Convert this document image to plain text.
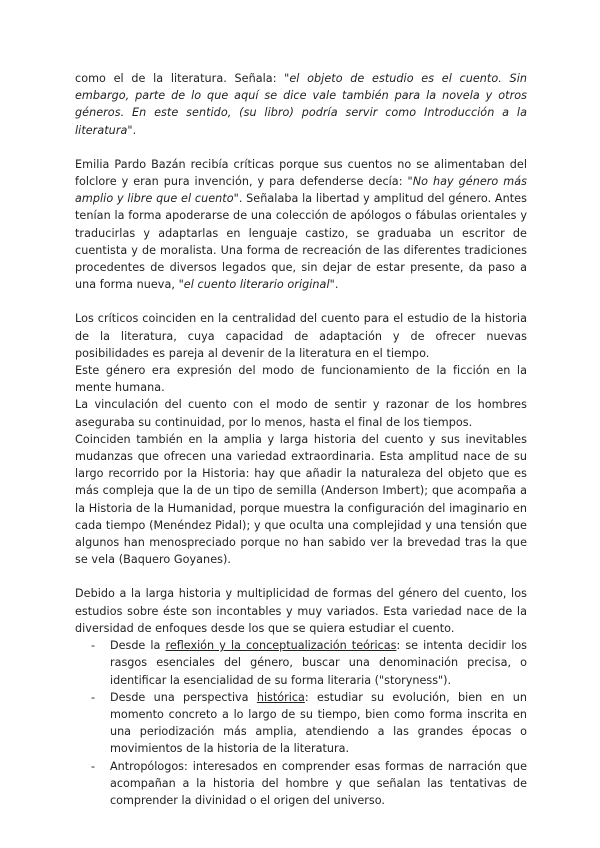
como el de la literatura. Señala: "el objeto de estudio es el cuento. Sin embargo, parte de lo que aquí se dice vale también para la novela y otros géneros. En este sentido, (su libro) podría servir como Introducción a la literatura".

Emilia Pardo Bazán recibía críticas porque sus cuentos no se alimentaban del folclore y eran pura invención, y para defenderse decía: "No hay género más amplio y libre que el cuento". Señalaba la libertad y amplitud del género. Antes tenían la forma apoderarse de una colección de apólogos o fábulas orientales y traducirlas y adaptarlas en lenguaje castizo, se graduaba un escritor de cuentista y de moralista. Una forma de recreación de las diferentes tradiciones procedentes de diversos legados que, sin dejar de estar presente, da paso a una forma nueva, "el cuento literario original".

Los críticos coinciden en la centralidad del cuento para el estudio de la historia de la literatura, cuya capacidad de adaptación y de ofrecer nuevas posibilidades es pareja al devenir de la literatura en el tiempo.

Este género era expresión del modo de funcionamiento de la ficción en la mente humana.

La vinculación del cuento con el modo de sentir y razonar de los hombres aseguraba su continuidad, por lo menos, hasta el final de los tiempos.

Coinciden también en la amplia y larga historia del cuento y sus inevitables mudanzas que ofrecen una variedad extraordinaria. Esta amplitud nace de su largo recorrido por la Historia: hay que añadir la naturaleza del objeto que es más compleja que la de un tipo de semilla (Anderson Imbert); que acompaña a la Historia de la Humanidad, porque muestra la configuración del imaginario en cada tiempo (Menéndez Pidal); y que oculta una complejidad y una tensión que algunos han menospreciado porque no han sabido ver la brevedad tras la que se vela (Baquero Goyanes).

Debido a la larga historia y multiplicidad de formas del género del cuento, los estudios sobre éste son incontables y muy variados. Esta variedad nace de la diversidad de enfoques desde los que se quiera estudiar el cuento.

- Desde la reflexión y la conceptualización teóricas: se intenta decidir los rasgos esenciales del género, buscar una denominación precisa, o identificar la esencialidad de su forma literaria ("storyness").
- Desde una perspectiva histórica: estudiar su evolución, bien en un momento concreto a lo largo de su tiempo, bien como forma inscrita en una periodización más amplia, atendiendo a las grandes épocas o movimientos de la historia de la literatura.
- Antropólogos: interesados en comprender esas formas de narración que acompañan a la historia del hombre y que señalan las tentativas de comprender la divinidad o el origen del universo.
